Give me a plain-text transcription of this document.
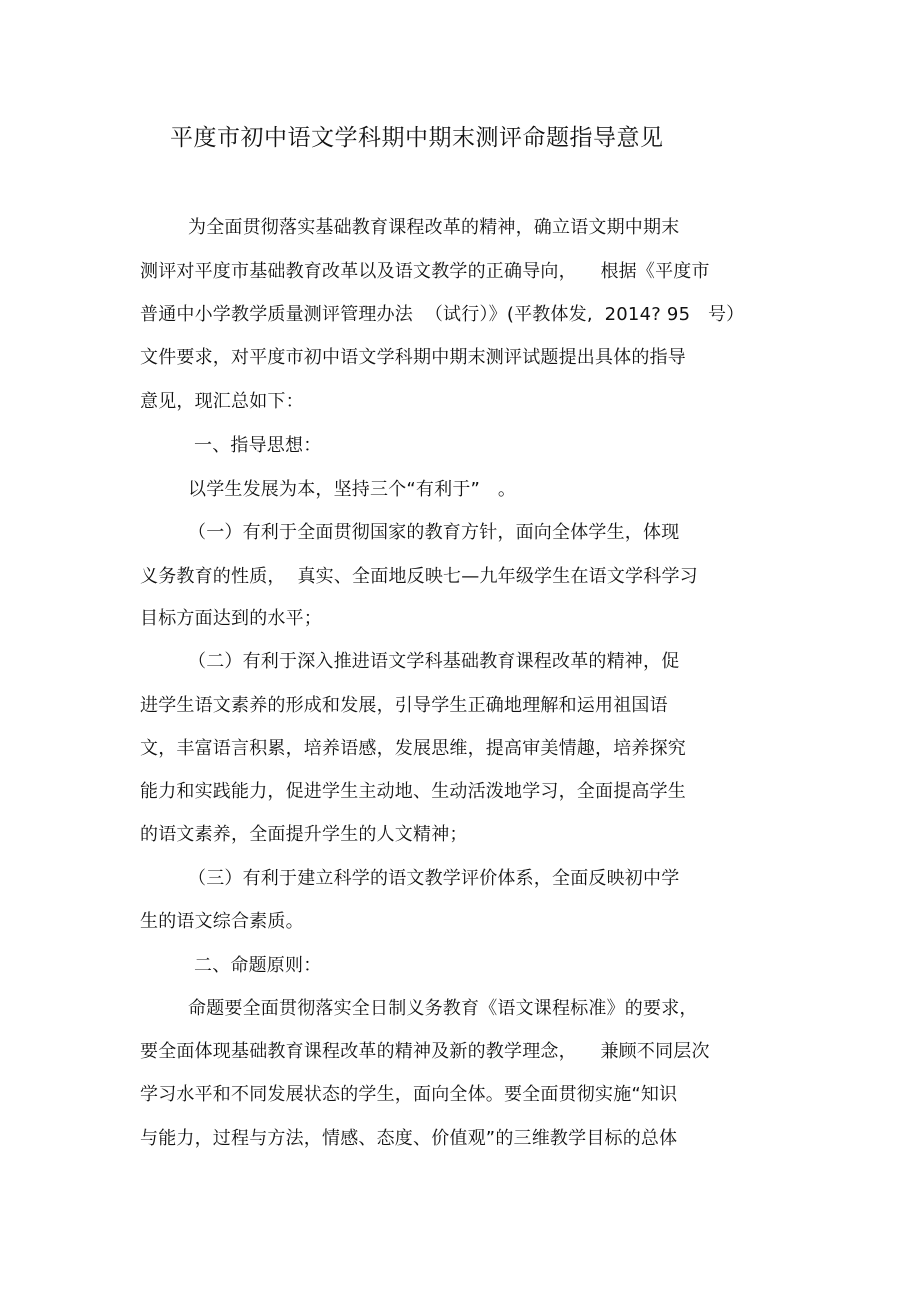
平度市初中语文学科期中期末测评命题指导意见
为全面贯彻落实基础教育课程改革的精神，确立语文期中期末
测评对平度市基础教育改革以及语文教学的正确导向，    根据《平度市
普通中小学教学质量测评管理办法  （试行）》(平教体发,  2014? 95   号）
文件要求，对平度市初中语文学科期中期末测评试题提出具体的指导
意见，现汇总如下：
一、指导思想：
以学生发展为本，坚持三个“有利于”   。
（一）有利于全面贯彻国家的教育方针，面向全体学生，体现
义务教育的性质，  真实、全面地反映七—九年级学生在语文学科学习
目标方面达到的水平；
（二）有利于深入推进语文学科基础教育课程改革的精神，促
进学生语文素养的形成和发展，引导学生正确地理解和运用祖国语
文，丰富语言积累，培养语感，发展思维，提高审美情趣，培养探究
能力和实践能力，促进学生主动地、生动活泼地学习，全面提高学生
的语文素养，全面提升学生的人文精神；
（三）有利于建立科学的语文教学评价体系，全面反映初中学
生的语文综合素质。
二、命题原则：
命题要全面贯彻落实全日制义务教育《语文课程标准》的要求，
要全面体现基础教育课程改革的精神及新的教学理念，    兼顾不同层次
学习水平和不同发展状态的学生，面向全体。要全面贯彻实施“知识
与能力，过程与方法，情感、态度、价值观”的三维教学目标的总体
